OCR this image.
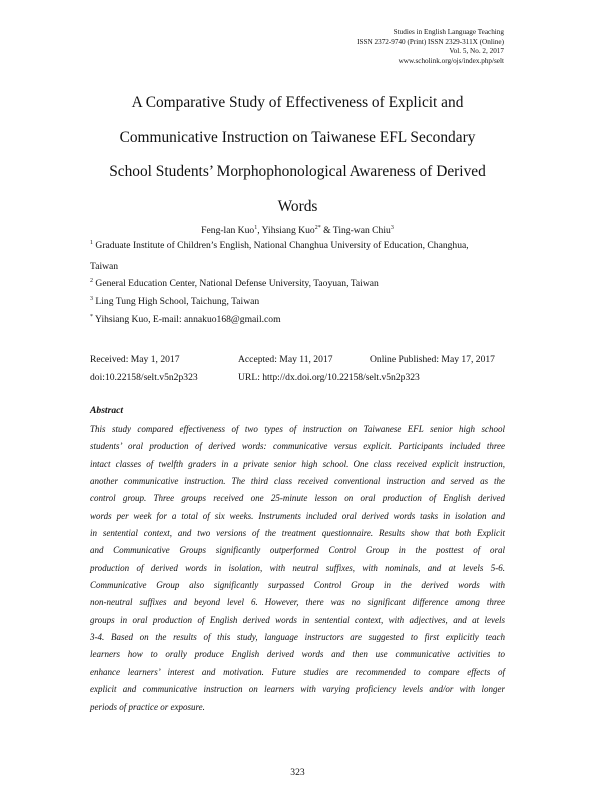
Studies in English Language Teaching
ISSN 2372-9740 (Print) ISSN 2329-311X (Online)
Vol. 5, No. 2, 2017
www.scholink.org/ojs/index.php/selt
A Comparative Study of Effectiveness of Explicit and
Communicative Instruction on Taiwanese EFL Secondary
School Students’ Morphophonological Awareness of Derived
Words
Feng-lan Kuo$^1$, Yihsiang Kuo$^{2*}$ & Ting-wan Chiu$^3$
$^1$ Graduate Institute of Children’s English, National Changhua University of Education, Changhua,
Taiwan
$^2$ General Education Center, National Defense University, Taoyuan, Taiwan
$^3$ Ling Tung High School, Taichung, Taiwan
* Yihsiang Kuo, E-mail: annakuo168@gmail.com
Received: May 1, 2017	Accepted: May 11, 2017	Online Published: May 17, 2017
doi:10.22158/selt.v5n2p323	URL: http://dx.doi.org/10.22158/selt.v5n2p323
Abstract
This study compared effectiveness of two types of instruction on Taiwanese EFL senior high school
students’ oral production of derived words: communicative versus explicit. Participants included three
intact classes of twelfth graders in a private senior high school. One class received explicit instruction,
another communicative instruction. The third class received conventional instruction and served as the
control group. Three groups received one 25-minute lesson on oral production of English derived
words per week for a total of six weeks. Instruments included oral derived words tasks in isolation and
in sentential context, and two versions of the treatment questionnaire. Results show that both Explicit
and Communicative Groups significantly outperformed Control Group in the posttest of oral
production of derived words in isolation, with neutral suffixes, with nominals, and at levels 5-6.
Communicative Group also significantly surpassed Control Group in the derived words with
non-neutral suffixes and beyond level 6. However, there was no significant difference among three
groups in oral production of English derived words in sentential context, with adjectives, and at levels
3-4. Based on the results of this study, language instructors are suggested to first explicitly teach
learners how to orally produce English derived words and then use communicative activities to
enhance learners’ interest and motivation. Future studies are recommended to compare effects of
explicit and communicative instruction on learners with varying proficiency levels and/or with longer
periods of practice or exposure.
323
